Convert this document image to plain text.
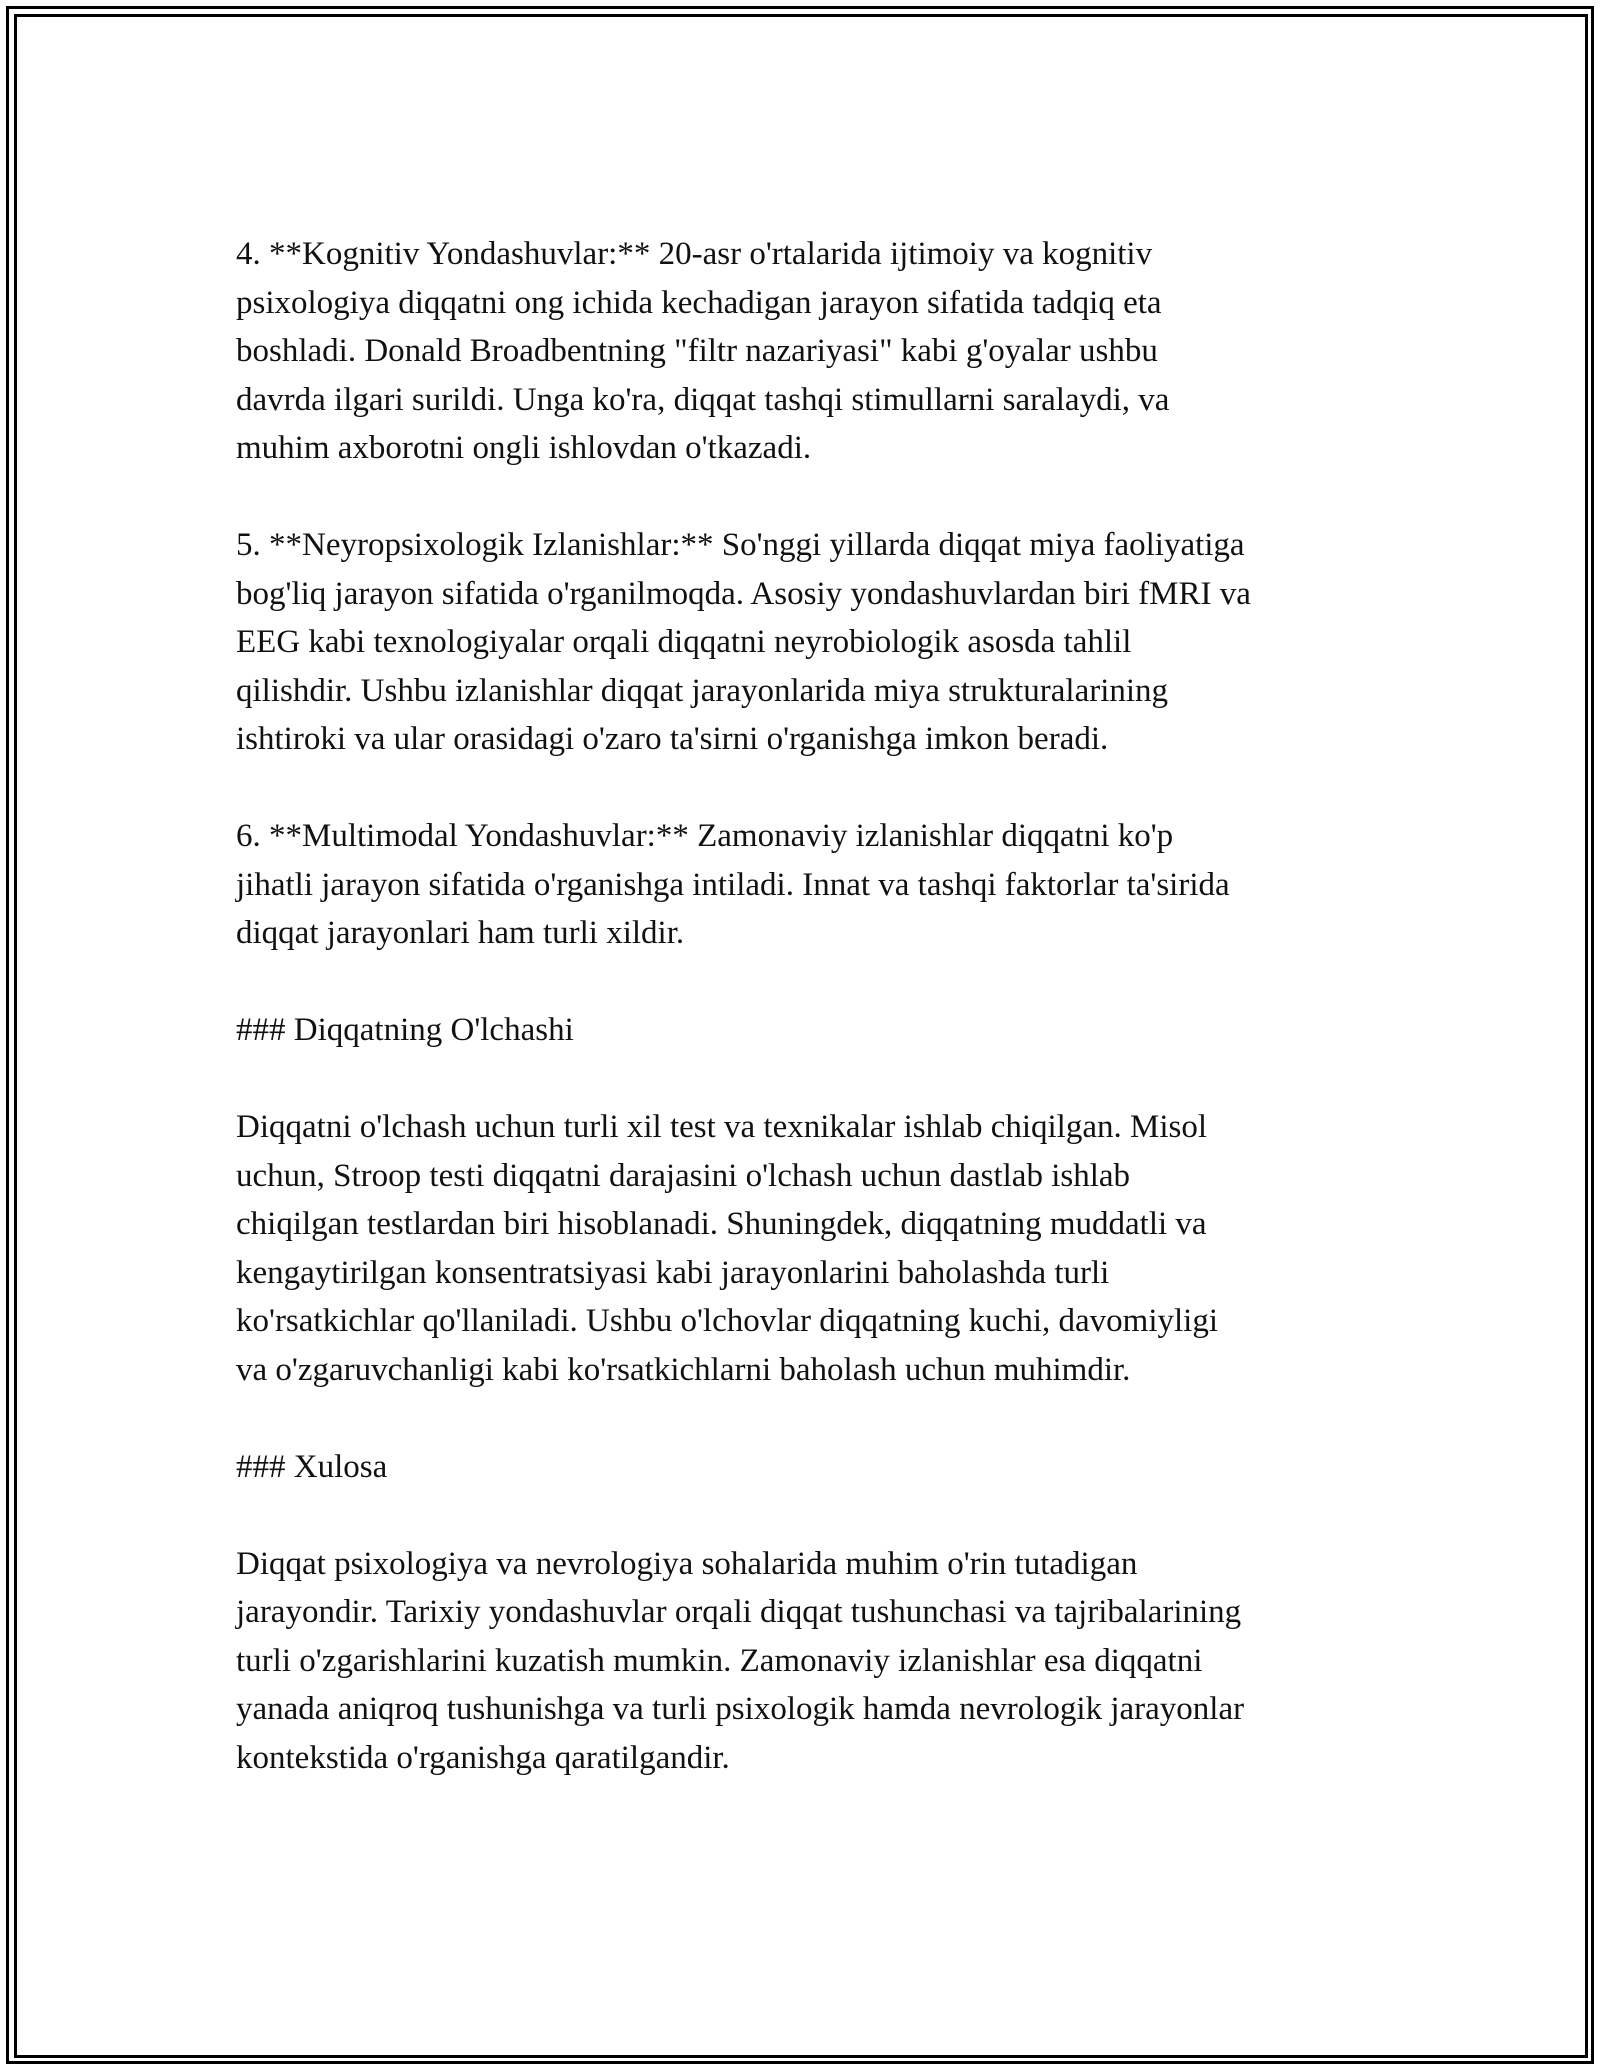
4. **Kognitiv Yondashuvlar:** 20-asr o'rtalarida ijtimoiy va kognitiv
psixologiya diqqatni ong ichida kechadigan jarayon sifatida tadqiq eta
boshladi. Donald Broadbentning "filtr nazariyasi" kabi g'oyalar ushbu
davrda ilgari surildi. Unga ko'ra, diqqat tashqi stimullarni saralaydi, va
muhim axborotni ongli ishlovdan o'tkazadi.
5. **Neyropsixologik Izlanishlar:** So'nggi yillarda diqqat miya faoliyatiga
bog'liq jarayon sifatida o'rganilmoqda. Asosiy yondashuvlardan biri fMRI va
EEG kabi texnologiyalar orqali diqqatni neyrobiologik asosda tahlil
qilishdir. Ushbu izlanishlar diqqat jarayonlarida miya strukturalarining
ishtiroki va ular orasidagi o'zaro ta'sirni o'rganishga imkon beradi.
6. **Multimodal Yondashuvlar:** Zamonaviy izlanishlar diqqatni ko'p
jihatli jarayon sifatida o'rganishga intiladi. Innat va tashqi faktorlar ta'sirida
diqqat jarayonlari ham turli xildir.
### Diqqatning O'lchashi
Diqqatni o'lchash uchun turli xil test va texnikalar ishlab chiqilgan. Misol
uchun, Stroop testi diqqatni darajasini o'lchash uchun dastlab ishlab
chiqilgan testlardan biri hisoblanadi. Shuningdek, diqqatning muddatli va
kengaytirilgan konsentratsiyasi kabi jarayonlarini baholashda turli
ko'rsatkichlar qo'llaniladi. Ushbu o'lchovlar diqqatning kuchi, davomiyligi
va o'zgaruvchanligi kabi ko'rsatkichlarni baholash uchun muhimdir.
### Xulosa
Diqqat psixologiya va nevrologiya sohalarida muhim o'rin tutadigan
jarayondir. Tarixiy yondashuvlar orqali diqqat tushunchasi va tajribalarining
turli o'zgarishlarini kuzatish mumkin. Zamonaviy izlanishlar esa diqqatni
yanada aniqroq tushunishga va turli psixologik hamda nevrologik jarayonlar
kontekstida o'rganishga qaratilgandir.
